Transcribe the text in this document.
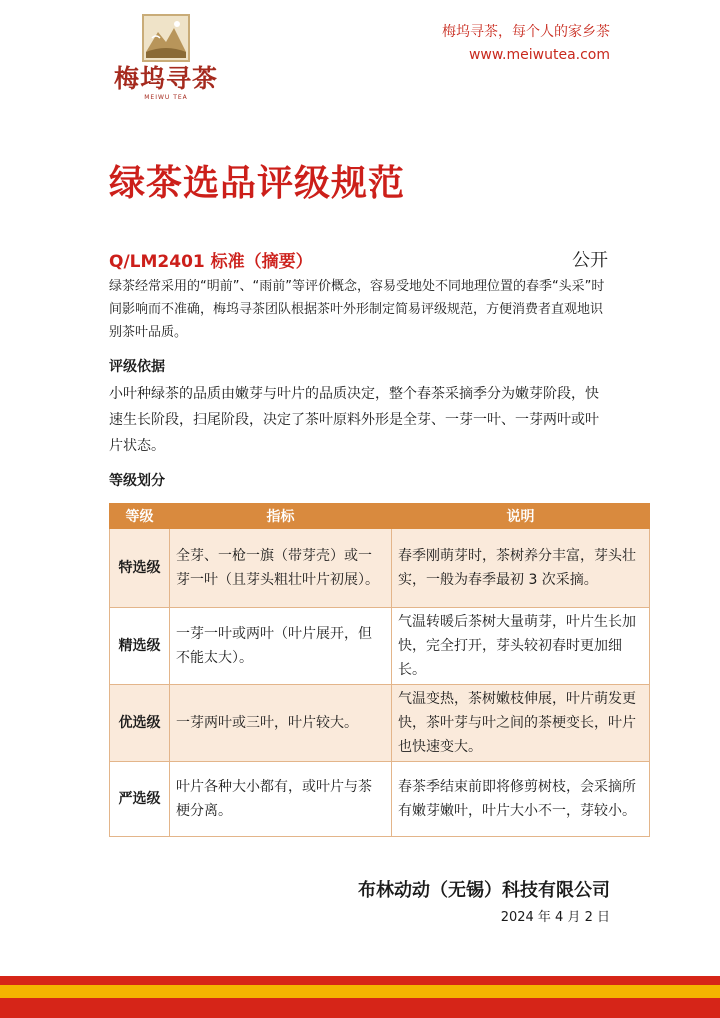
梅坞寻茶
MEIWU TEA
梅坞寻茶，每个人的家乡茶
www.meiwutea.com
绿茶选品评级规范
Q/LM2401 标准（摘要）	公开

绿茶经常采用的“明前”、“雨前”等评价概念，容易受地处不同地理位置的春季“头采”时间影响而不准确，梅坞寻茶团队根据茶叶外形制定简易评级规范，方便消费者直观地识别茶叶品质。

评级依据

小叶种绿茶的品质由嫩芽与叶片的品质决定，整个春茶采摘季分为嫩芽阶段，快速生长阶段，扫尾阶段，决定了茶叶原料外形是全芽、一芽一叶、一芽两叶或叶片状态。

等级划分
等级	指标	说明
特选级	全芽、一枪一旗（带芽壳）或一芽一叶（且芽头粗壮叶片初展）。	春季刚萌芽时，茶树养分丰富，芽头壮实，一般为春季最初 3 次采摘。
精选级	一芽一叶或两叶（叶片展开，但不能太大）。	气温转暖后茶树大量萌芽，叶片生长加快，完全打开，芽头较初春时更加细长。
优选级	一芽两叶或三叶，叶片较大。	气温变热，茶树嫩枝伸展，叶片萌发更快，茶叶芽与叶之间的茶梗变长，叶片也快速变大。
严选级	叶片各种大小都有，或叶片与茶梗分离。	春茶季结束前即将修剪树枝，会采摘所有嫩芽嫩叶，叶片大小不一，芽较小。
布林动动（无锡）科技有限公司
2024 年 4 月 2 日
